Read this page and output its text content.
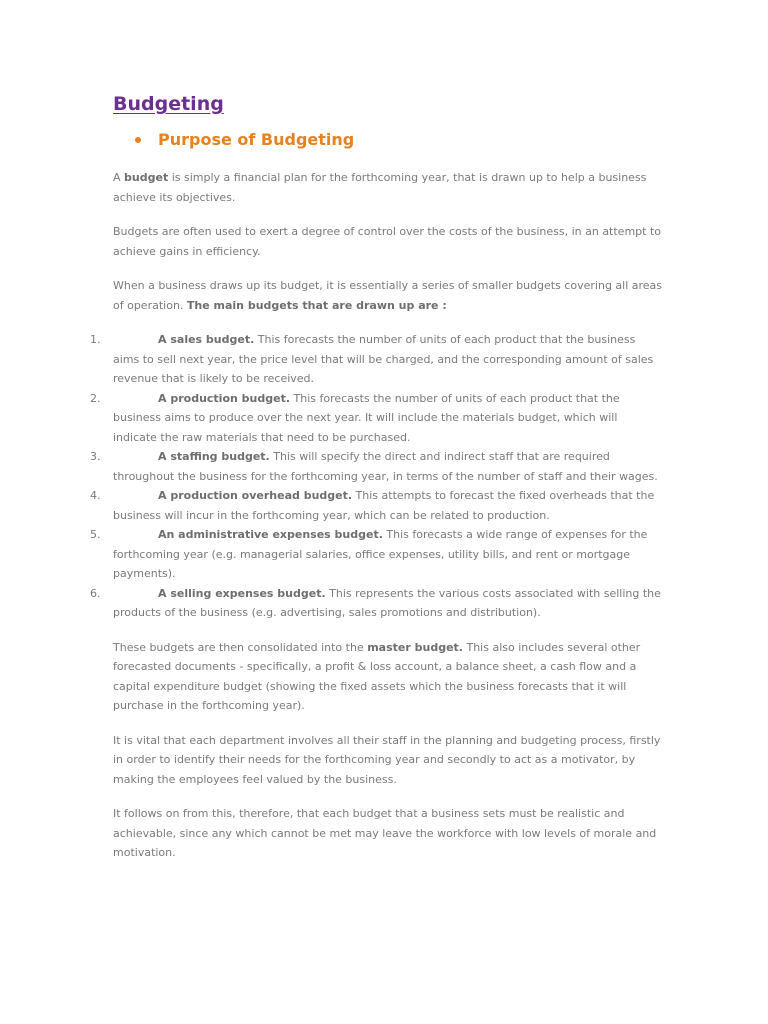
Budgeting
Purpose of Budgeting

A budget is simply a financial plan for the forthcoming year, that is drawn up to help a business achieve its objectives.

Budgets are often used to exert a degree of control over the costs of the business, in an attempt to achieve gains in efficiency.

When a business draws up its budget, it is essentially a series of smaller budgets covering all areas of operation. The main budgets that are drawn up are :

1.	A sales budget. This forecasts the number of units of each product that the business aims to sell next year, the price level that will be charged, and the corresponding amount of sales revenue that is likely to be received.
2.	A production budget. This forecasts the number of units of each product that the business aims to produce over the next year. It will include the materials budget, which will indicate the raw materials that need to be purchased.
3.	A staffing budget. This will specify the direct and indirect staff that are required throughout the business for the forthcoming year, in terms of the number of staff and their wages.
4.	A production overhead budget. This attempts to forecast the fixed overheads that the business will incur in the forthcoming year, which can be related to production.
5.	An administrative expenses budget. This forecasts a wide range of expenses for the forthcoming year (e.g. managerial salaries, office expenses, utility bills, and rent or mortgage payments).
6.	A selling expenses budget. This represents the various costs associated with selling the products of the business (e.g. advertising, sales promotions and distribution).

These budgets are then consolidated into the master budget. This also includes several other forecasted documents - specifically, a profit & loss account, a balance sheet, a cash flow and a capital expenditure budget (showing the fixed assets which the business forecasts that it will purchase in the forthcoming year).

It is vital that each department involves all their staff in the planning and budgeting process, firstly in order to identify their needs for the forthcoming year and secondly to act as a motivator, by making the employees feel valued by the business.

It follows on from this, therefore, that each budget that a business sets must be realistic and achievable, since any which cannot be met may leave the workforce with low levels of morale and motivation.
